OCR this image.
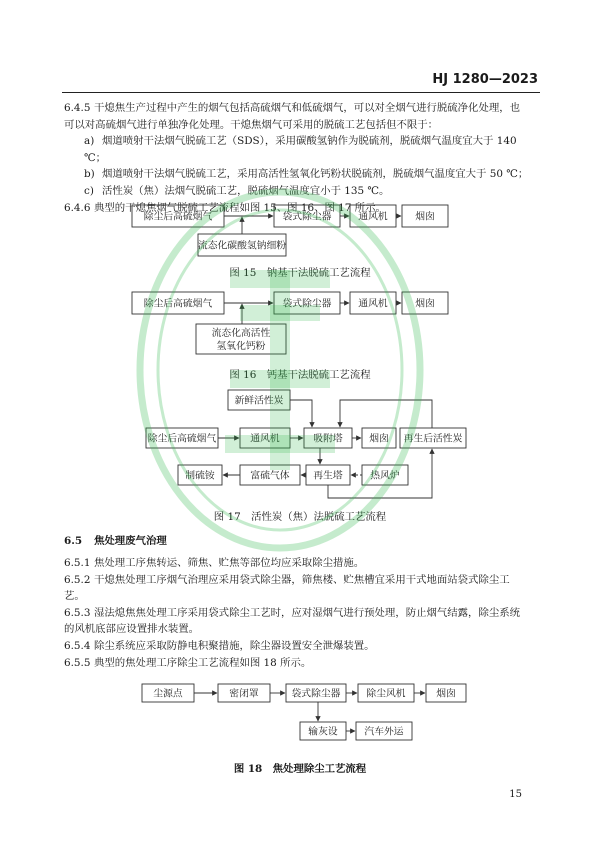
HJ 1280—2023
6.4.5 干熄焦生产过程中产生的烟气包括高硫烟气和低硫烟气，可以对全烟气进行脱硫净化处理，也
可以对高硫烟气进行单独净化处理。干熄焦烟气可采用的脱硫工艺包括但不限于：
a) 烟道喷射干法烟气脱硫工艺（SDS），采用碳酸氢钠作为脱硫剂，脱硫烟气温度宜大于 140 ℃；
b) 烟道喷射干法烟气脱硫工艺，采用高活性氢氧化钙粉状脱硫剂，脱硫烟气温度宜大于 50 ℃；
c) 活性炭（焦）法烟气脱硫工艺，脱硫烟气温度宜小于 135 ℃。
6.4.6 典型的干熄焦烟气脱硫工艺流程如图 15、图 16、图 17 所示。
除尘后高硫烟气	袋式除尘器	通风机	烟囱
流态化碳酸氢钠细粉
除尘后高硫烟气	袋式除尘器	通风机	烟囱
流态化高活性
氢氧化钙粉
新鲜活性炭
除尘后高硫烟气	通风机	吸附塔	烟囱 再生后活性炭
制硫铵	富硫气体 再生塔	热风炉
尘源点	密闭罩	袋式除尘器	除尘风机	烟囱
输灰设	汽车外运
图 15　钠基干法脱硫工艺流程
图 16　钙基干法脱硫工艺流程
图 17　活性炭（焦）法脱硫工艺流程
图 18　焦处理除尘工艺流程
6.5 焦处理废气治理
6.5.1 焦处理工序焦转运、筛焦、贮焦等部位均应采取除尘措施。
6.5.2 干熄焦处理工序烟气治理应采用袋式除尘器，筛焦楼、贮焦槽宜采用干式地面站袋式除尘工
艺。
6.5.3 湿法熄焦焦处理工序采用袋式除尘工艺时，应对湿烟气进行预处理，防止烟气结露，除尘系统
的风机底部应设置排水装置。
6.5.4 除尘系统应采取防静电积聚措施，除尘器设置安全泄爆装置。
6.5.5 典型的焦处理工序除尘工艺流程如图 18 所示。
15
